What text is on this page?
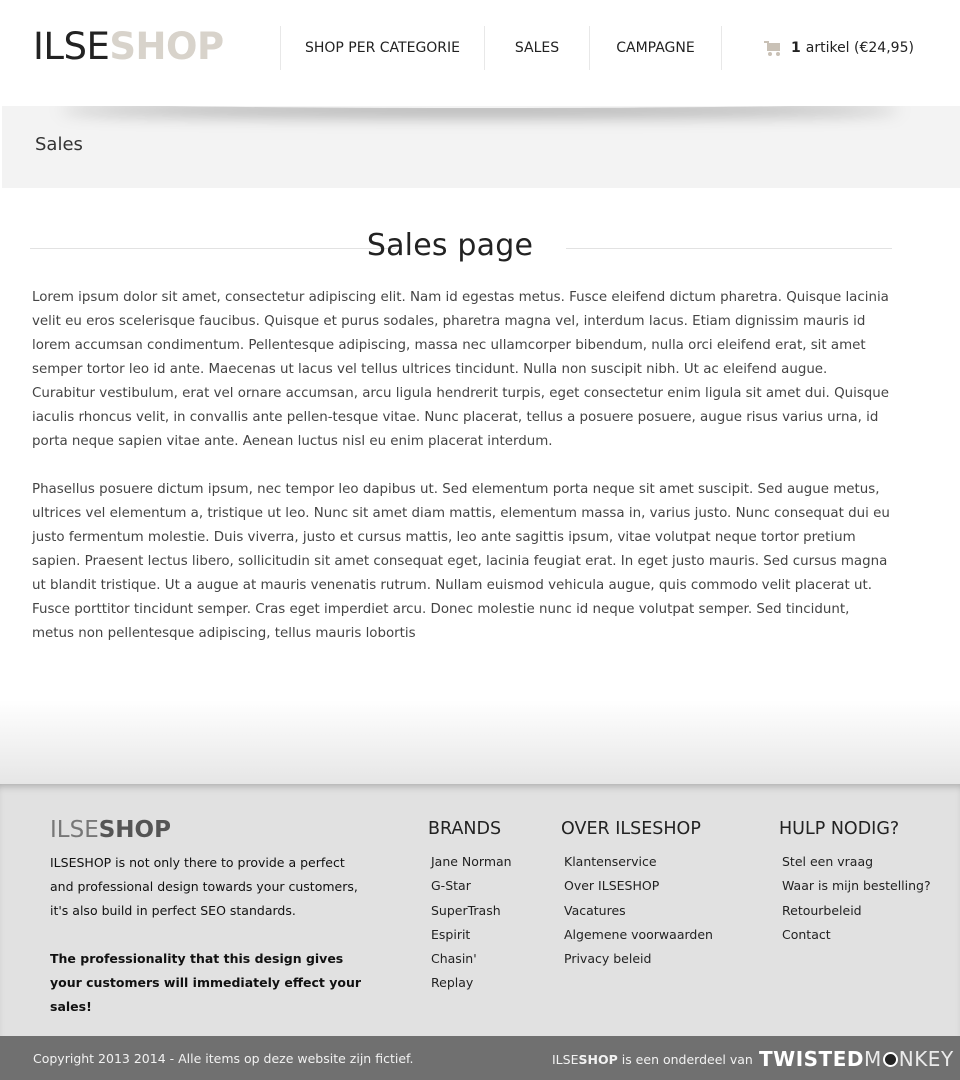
ILSESHOP	SHOP PER CATEGORIE	SALES	CAMPAGNE	1 artikel (€24,95)
Sales
Sales page

Lorem ipsum dolor sit amet, consectetur adipiscing elit. Nam id egestas metus. Fusce eleifend dictum pharetra. Quisque lacinia velit eu eros scelerisque faucibus. Quisque et purus sodales, pharetra magna vel, interdum lacus. Etiam dignissim mauris id lorem accumsan condimentum. Pellentesque adipiscing, massa nec ullamcorper bibendum, nulla orci eleifend erat, sit amet semper tortor leo id ante. Maecenas ut lacus vel tellus ultrices tincidunt. Nulla non suscipit nibh. Ut ac eleifend augue. Curabitur vestibulum, erat vel ornare accumsan, arcu ligula hendrerit turpis, eget consectetur enim ligula sit amet dui. Quisque iaculis rhoncus velit, in convallis ante pellen-tesque vitae. Nunc placerat, tellus a posuere posuere, augue risus varius urna, id porta neque sapien vitae ante. Aenean luctus nisl eu enim placerat interdum.

Phasellus posuere dictum ipsum, nec tempor leo dapibus ut. Sed elementum porta neque sit amet suscipit. Sed augue metus, ultrices vel elementum a, tristique ut leo. Nunc sit amet diam mattis, elementum massa in, varius justo. Nunc consequat dui eu justo fermentum molestie. Duis viverra, justo et cursus mattis, leo ante sagittis ipsum, vitae volutpat neque tortor pretium sapien. Praesent lectus libero, sollicitudin sit amet consequat eget, lacinia feugiat erat. In eget justo mauris. Sed cursus magna ut blandit tristique. Ut a augue at mauris venenatis rutrum. Nullam euismod vehicula augue, quis commodo velit placerat ut. Fusce porttitor tincidunt semper. Cras eget imperdiet arcu. Donec molestie nunc id neque volutpat semper. Sed tincidunt, metus non pellentesque adipiscing, tellus mauris lobortis

ILSESHOP

ILSESHOP is not only there to provide a perfect and professional design towards your customers, it's also build in perfect SEO standards.

The professionality that this design gives your customers will immediately effect your sales!

BRANDS
Jane Norman
G-Star
SuperTrash
Espirit
Chasin'
Replay
OVER ILSESHOP
Klantenservice
Over ILSESHOP
Vacatures
Algemene voorwaarden
Privacy beleid
HULP NODIG?
Stel een vraag
Waar is mijn bestelling?
Retourbeleid
Contact
Copyright 2013 2014 - Alle items op deze website zijn fictief.	ILSESHOP is een onderdeel van TWISTED M NKEY
